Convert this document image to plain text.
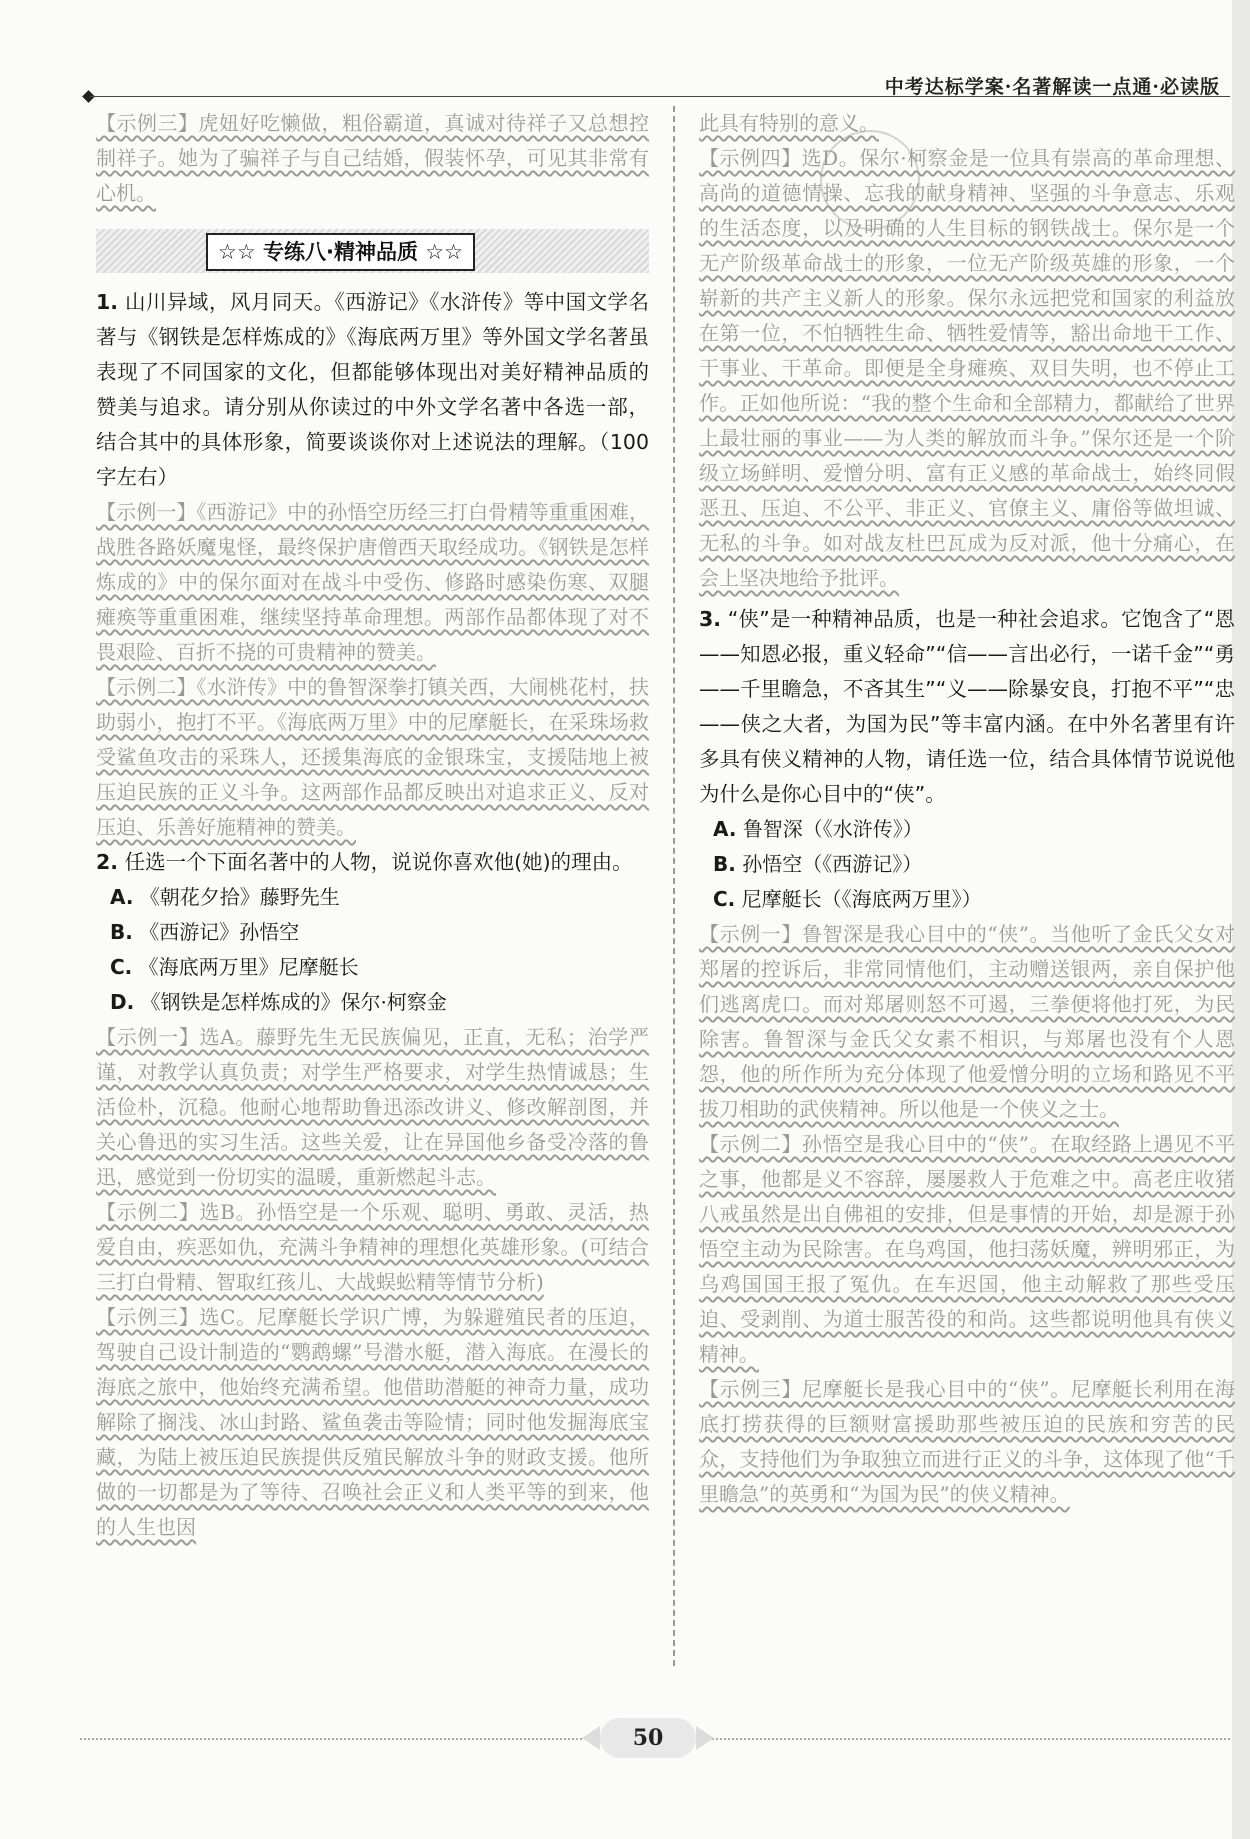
中考达标学案·名著解读一点通·必读版

【示例三】虎妞好吃懒做，粗俗霸道，真诚对待祥子又总想控制祥子。她为了骗祥子与自己结婚，假装怀孕，可见其非常有心机。

☆☆ 专练八·精神品质 ☆☆

1. 山川异域，风月同天。《西游记》《水浒传》等中国文学名著与《钢铁是怎样炼成的》《海底两万里》等外国文学名著虽表现了不同国家的文化，但都能够体现出对美好精神品质的赞美与追求。请分别从你读过的中外文学名著中各选一部，结合其中的具体形象，简要谈谈你对上述说法的理解。（100字左右）

【示例一】《西游记》中的孙悟空历经三打白骨精等重重困难，战胜各路妖魔鬼怪，最终保护唐僧西天取经成功。《钢铁是怎样炼成的》中的保尔面对在战斗中受伤、修路时感染伤寒、双腿瘫痪等重重困难，继续坚持革命理想。两部作品都体现了对不畏艰险、百折不挠的可贵精神的赞美。

【示例二】《水浒传》中的鲁智深拳打镇关西，大闹桃花村，扶助弱小，抱打不平。《海底两万里》中的尼摩艇长，在采珠场救受鲨鱼攻击的采珠人，还援集海底的金银珠宝，支援陆地上被压迫民族的正义斗争。这两部作品都反映出对追求正义、反对压迫、乐善好施精神的赞美。

2. 任选一个下面名著中的人物，说说你喜欢他(她)的理由。

A. 《朝花夕拾》藤野先生

B. 《西游记》孙悟空

C. 《海底两万里》尼摩艇长

D. 《钢铁是怎样炼成的》保尔·柯察金

【示例一】选A。藤野先生无民族偏见，正直，无私；治学严谨，对教学认真负责；对学生严格要求，对学生热情诚恳；生活俭朴，沉稳。他耐心地帮助鲁迅添改讲义、修改解剖图，并关心鲁迅的实习生活。这些关爱，让在异国他乡备受冷落的鲁迅，感觉到一份切实的温暖，重新燃起斗志。

【示例二】选B。孙悟空是一个乐观、聪明、勇敢、灵活，热爱自由，疾恶如仇，充满斗争精神的理想化英雄形象。(可结合三打白骨精、智取红孩儿、大战蜈蚣精等情节分析)

【示例三】选C。尼摩艇长学识广博，为躲避殖民者的压迫，驾驶自己设计制造的“鹦鹉螺”号潜水艇，潜入海底。在漫长的海底之旅中，他始终充满希望。他借助潜艇的神奇力量，成功解除了搁浅、冰山封路、鲨鱼袭击等险情；同时他发掘海底宝藏，为陆上被压迫民族提供反殖民解放斗争的财政支援。他所做的一切都是为了等待、召唤社会正义和人类平等的到来，他的人生也因

此具有特别的意义。

【示例四】选D。保尔·柯察金是一位具有崇高的革命理想、高尚的道德情操、忘我的献身精神、坚强的斗争意志、乐观的生活态度，以及明确的人生目标的钢铁战士。保尔是一个无产阶级革命战士的形象，一位无产阶级英雄的形象，一个崭新的共产主义新人的形象。保尔永远把党和国家的利益放在第一位，不怕牺牲生命、牺牲爱情等，豁出命地干工作、干事业、干革命。即便是全身瘫痪、双目失明，也不停止工作。正如他所说：“我的整个生命和全部精力，都献给了世界上最壮丽的事业——为人类的解放而斗争。”保尔还是一个阶级立场鲜明、爱憎分明、富有正义感的革命战士，始终同假恶丑、压迫、不公平、非正义、官僚主义、庸俗等做坦诚、无私的斗争。如对战友杜巴瓦成为反对派，他十分痛心，在会上坚决地给予批评。

3. “侠”是一种精神品质，也是一种社会追求。它饱含了“恩——知恩必报，重义轻命”“信——言出必行，一诺千金”“勇——千里瞻急，不吝其生”“义——除暴安良，打抱不平”“忠——侠之大者，为国为民”等丰富内涵。在中外名著里有许多具有侠义精神的人物，请任选一位，结合具体情节说说他为什么是你心目中的“侠”。

A. 鲁智深（《水浒传》）

B. 孙悟空（《西游记》）

C. 尼摩艇长（《海底两万里》）

【示例一】鲁智深是我心目中的“侠”。当他听了金氏父女对郑屠的控诉后，非常同情他们，主动赠送银两，亲自保护他们逃离虎口。而对郑屠则怒不可遏，三拳便将他打死，为民除害。鲁智深与金氏父女素不相识，与郑屠也没有个人恩怨，他的所作所为充分体现了他爱憎分明的立场和路见不平拔刀相助的武侠精神。所以他是一个侠义之士。

【示例二】孙悟空是我心目中的“侠”。在取经路上遇见不平之事，他都是义不容辞，屡屡救人于危难之中。高老庄收猪八戒虽然是出自佛祖的安排，但是事情的开始，却是源于孙悟空主动为民除害。在乌鸡国，他扫荡妖魔，辨明邪正，为乌鸡国国王报了冤仇。在车迟国，他主动解救了那些受压迫、受剥削、为道士服苦役的和尚。这些都说明他具有侠义精神。

【示例三】尼摩艇长是我心目中的“侠”。尼摩艇长利用在海底打捞获得的巨额财富援助那些被压迫的民族和穷苦的民众，支持他们为争取独立而进行正义的斗争，这体现了他“千里瞻急”的英勇和“为国为民”的侠义精神。

50
